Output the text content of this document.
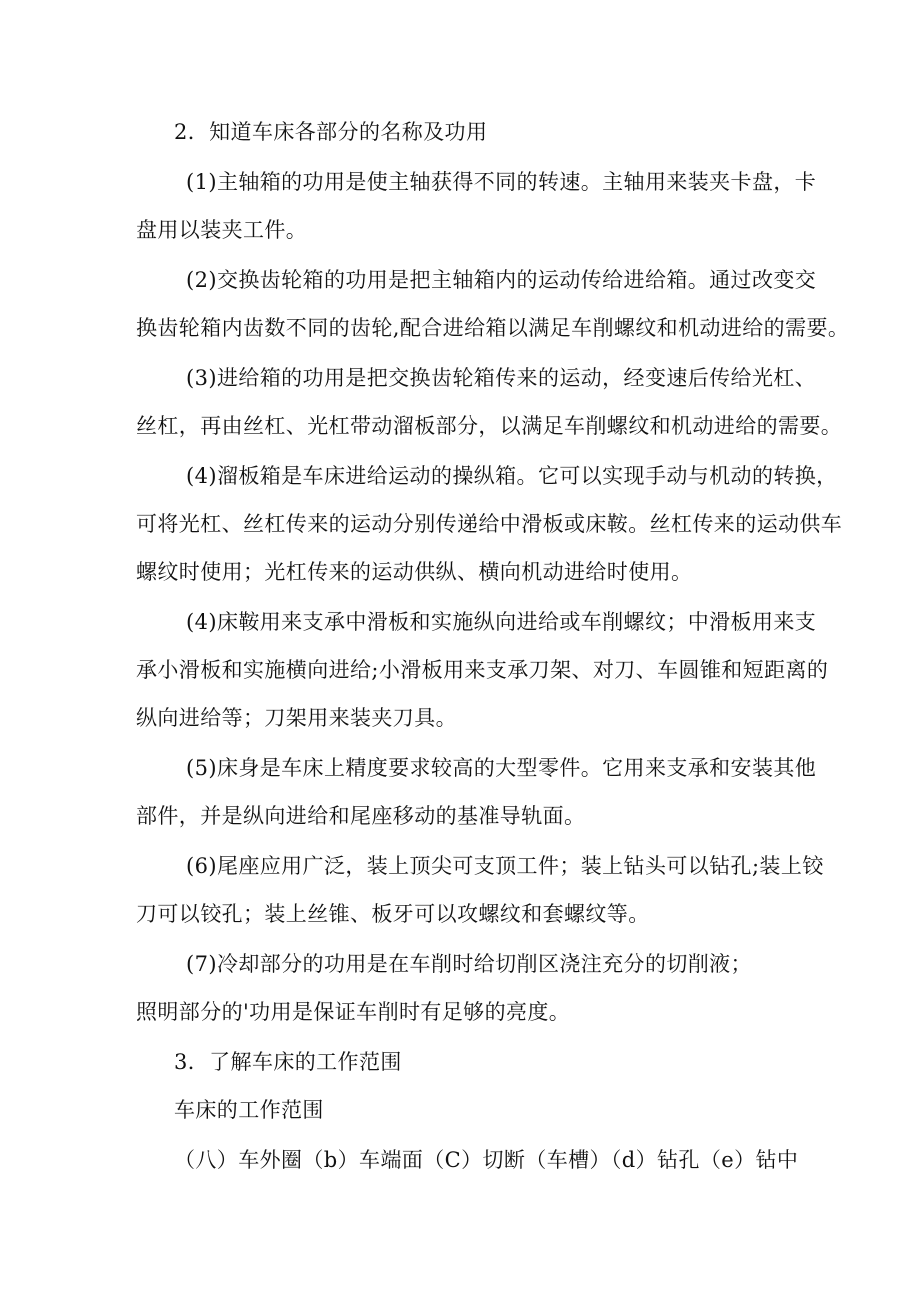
2．知道车床各部分的名称及功用
(1)主轴箱的功用是使主轴获得不同的转速。主轴用来装夹卡盘，卡
盘用以装夹工件。
(2)交换齿轮箱的功用是把主轴箱内的运动传给进给箱。通过改变交
换齿轮箱内齿数不同的齿轮,配合进给箱以满足车削螺纹和机动进给的需要。
(3)进给箱的功用是把交换齿轮箱传来的运动，经变速后传给光杠、
丝杠，再由丝杠、光杠带动溜板部分，以满足车削螺纹和机动进给的需要。
(4)溜板箱是车床进给运动的操纵箱。它可以实现手动与机动的转换，
可将光杠、丝杠传来的运动分别传递给中滑板或床鞍。丝杠传来的运动供车
螺纹时使用；光杠传来的运动供纵、横向机动进给时使用。
(4)床鞍用来支承中滑板和实施纵向进给或车削螺纹；中滑板用来支
承小滑板和实施横向进给;小滑板用来支承刀架、对刀、车圆锥和短距离的
纵向进给等；刀架用来装夹刀具。
(5)床身是车床上精度要求较高的大型零件。它用来支承和安装其他
部件，并是纵向进给和尾座移动的基准导轨面。
(6)尾座应用广泛，装上顶尖可支顶工件；装上钻头可以钻孔;装上铰
刀可以铰孔；装上丝锥、板牙可以攻螺纹和套螺纹等。
(7)冷却部分的功用是在车削时给切削区浇注充分的切削液；
照明部分的'功用是保证车削时有足够的亮度。
3．了解车床的工作范围
车床的工作范围
（八）车外圈（b）车端面（C）切断（车槽）（d）钻孔（e）钻中
